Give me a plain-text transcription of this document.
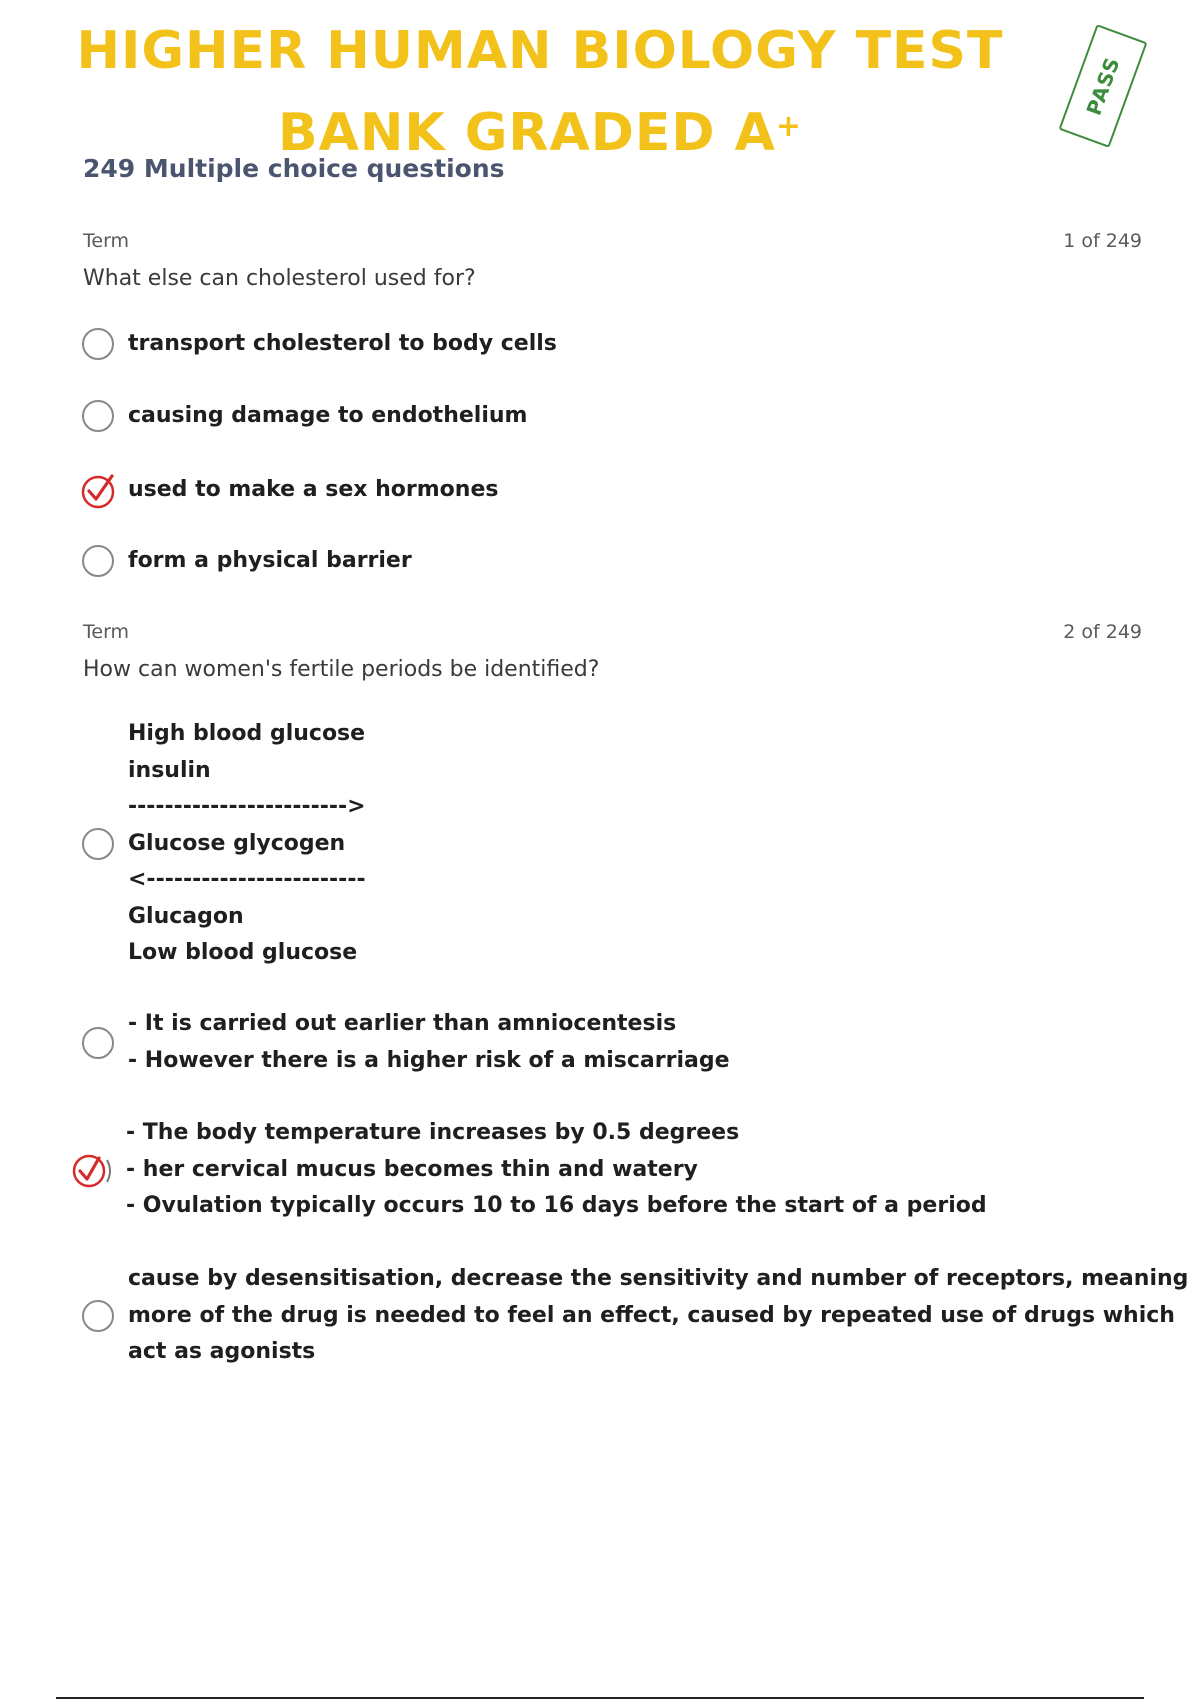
HIGHER HUMAN BIOLOGY TEST
BANK GRADED A+
PASS
249 Multiple choice questions
Term	1 of 249
What else can cholesterol used for?
transport cholesterol to body cells
causing damage to endothelium
used to make a sex hormones
form a physical barrier
Term	2 of 249
How can women's fertile periods be identified?
High blood glucose
insulin
------------------------>
Glucose glycogen
<------------------------
Glucagon
Low blood glucose
- It is carried out earlier than amniocentesis
- However there is a higher risk of a miscarriage
- The body temperature increases by 0.5 degrees
- her cervical mucus becomes thin and watery
- Ovulation typically occurs 10 to 16 days before the start of a period
cause by desensitisation, decrease the sensitivity and number of receptors, meaning
more of the drug is needed to feel an effect, caused by repeated use of drugs which
act as agonists
